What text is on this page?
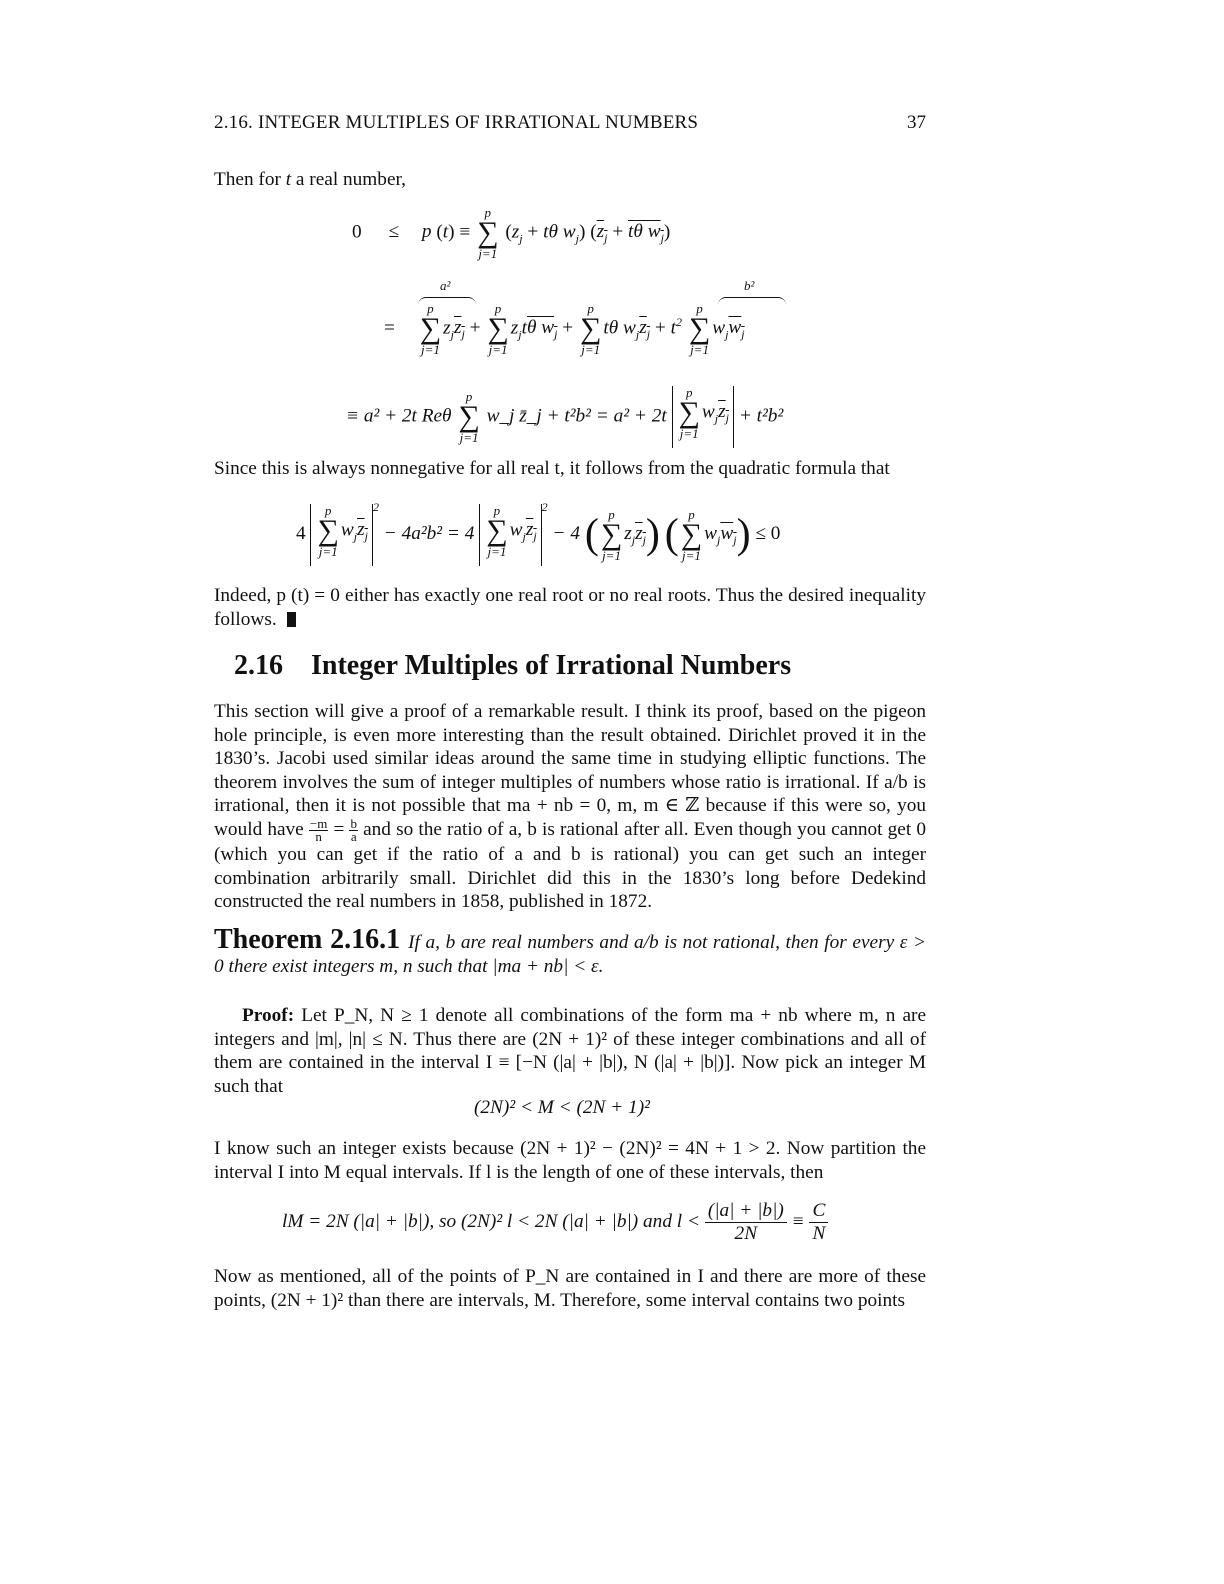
2.16. INTEGER MULTIPLES OF IRRATIONAL NUMBERS	37
Then for t a real number,
0 ≤ p (t) ≡
p
∑
j=1
($z_j + t\theta$ $w_j$) ($z_j + t\theta$ $w_j$)
=
p
∑
j=1
$z_jz_j$ +
p
∑
j=1
$z_jt\theta$ $w_j$ +
p
∑
j=1
tθ $w_jz_j + t^2$
p
∑
j=1
$w_jw_j$
a²	b²
≡ a² + 2t Reθ
p
∑
j=1
w_j z̄_j + t²b² = a² + 2t
p
∑
j=1
$w_jz_j + t^2b^2$
Since this is always nonnegative for all real t, it follows from the quadratic formula that
4
p
∑
j=1
$w_jz_j^2 - 4a^2b^2 = 4$
p
∑
j=1
$w_jz_j^2 - 4$ ( p
∑
j=1
$z_jz_j$) ( p
∑
j=1
$w_jw_j) \le 0$
Indeed, p (t) = 0 either has exactly one real root or no real roots. Thus the desired inequality follows.
2.16 Integer Multiples of Irrational Numbers
This section will give a proof of a remarkable result. I think its proof, based on the pigeon hole principle, is even more interesting than the result obtained. Dirichlet proved it in the 1830’s. Jacobi used similar ideas around the same time in studying elliptic functions. The theorem involves the sum of integer multiples of numbers whose ratio is irrational. If a/b is irrational, then it is not possible that ma + nb = 0, m, m ∈ ℤ because if this were so, you would have $\frac{-m}{n} = \frac{b}{a}$ and so the ratio of a, b is rational after all. Even though you cannot get 0 (which you can get if the ratio of a and b is rational) you can get such an integer combination arbitrarily small. Dirichlet did this in the 1830’s long before Dedekind constructed the real numbers in 1858, published in 1872.
Theorem 2.16.1 If a, b are real numbers and a/b is not rational, then for every ε > 0 there exist integers m, n such that |ma + nb| < ε.
Proof: Let P_N, N ≥ 1 denote all combinations of the form ma + nb where m, n are integers and |m|, |n| ≤ N. Thus there are (2N + 1)² of these integer combinations and all of them are contained in the interval I ≡ [−N (|a| + |b|), N (|a| + |b|)]. Now pick an integer M such that
(2N)² < M < (2N + 1)²
I know such an integer exists because (2N + 1)² − (2N)² = 4N + 1 > 2. Now partition the interval I into M equal intervals. If l is the length of one of these intervals, then
lM = 2N (|a| + |b|), so (2N)² l < 2N (|a| + |b|) and $l < \frac{(|a| + |b|)}{2N} \equiv \frac{C}{N}$
Now as mentioned, all of the points of P_N are contained in I and there are more of these points, (2N + 1)² than there are intervals, M. Therefore, some interval contains two points
